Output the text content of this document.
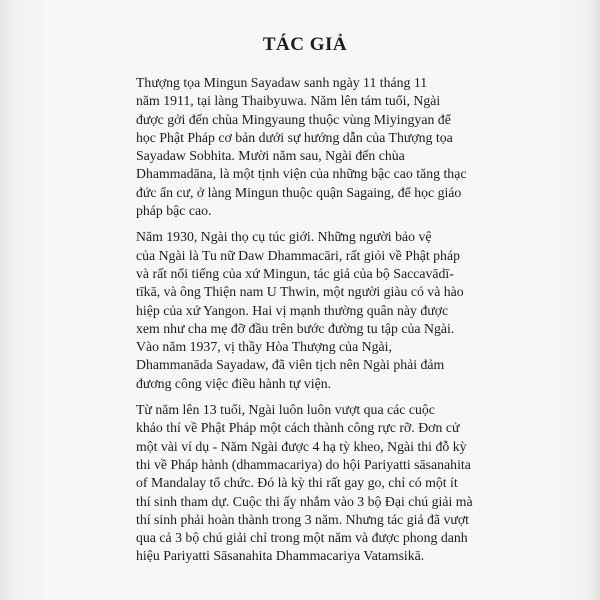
TÁC GIẢ

Thượng tọa Mingun Sayadaw sanh ngày 11 tháng 11
năm 1911, tại làng Thaibyuwa. Năm lên tám tuổi, Ngài
được gởi đến chùa Mingyaung thuộc vùng Miyingyan để
học Phật Pháp cơ bản dưới sự hướng dẫn của Thượng tọa
Sayadaw Sobhita. Mười năm sau, Ngài đến chùa
Dhammadāna, là một tịnh viện của những bậc cao tăng thạc
đức ẩn cư, ở làng Mingun thuộc quận Sagaing, để học giáo
pháp bậc cao.

Năm 1930, Ngài thọ cụ túc giới. Những người bảo vệ
của Ngài là Tu nữ Daw Dhammacāri, rất giỏi về Phật pháp
và rất nổi tiếng của xứ Mingun, tác giả của bộ Saccavādī-
tīkā, và ông Thiện nam U Thwin, một người giàu có và hào
hiệp của xứ Yangon. Hai vị mạnh thường quân này được
xem như cha mẹ đỡ đầu trên bước đường tu tập của Ngài.
Vào năm 1937, vị thầy Hòa Thượng của Ngài,
Dhammanāda Sayadaw, đã viên tịch nên Ngài phải đảm
đương công việc điều hành tự viện.

Từ năm lên 13 tuổi, Ngài luôn luôn vượt qua các cuộc
khảo thí về Phật Pháp một cách thành công rực rỡ. Đơn cử
một vài ví dụ - Năm Ngài được 4 hạ tỳ kheo, Ngài thi đỗ kỳ
thi về Pháp hành (dhammacariya) do hội Pariyatti sāsanahita
of Mandalay tổ chức. Đó là kỳ thi rất gay go, chỉ có một ít
thí sinh tham dự. Cuộc thi ấy nhắm vào 3 bộ Đại chú giải mà
thí sinh phải hoàn thành trong 3 năm. Nhưng tác giả đã vượt
qua cả 3 bộ chú giải chỉ trong một năm và được phong danh
hiệu Pariyatti Sāsanahita Dhammacariya Vatamsikā.
